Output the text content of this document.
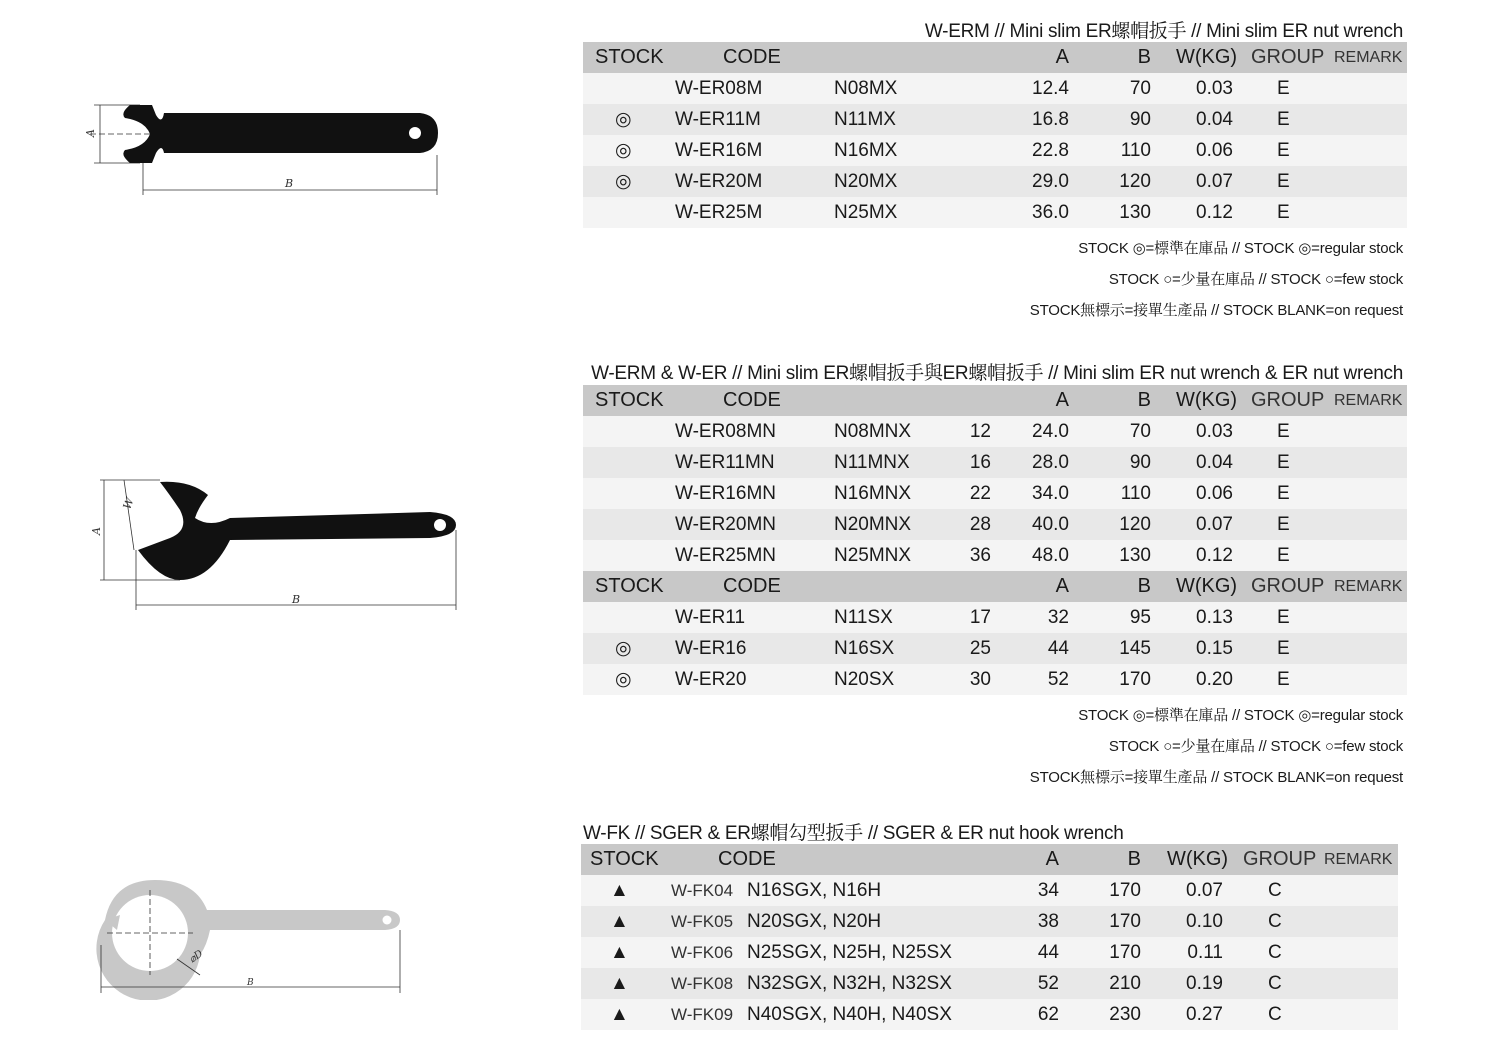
A
B
A
W
B
⌀D
B
W-ERM // Mini slim ER螺帽扳手 // Mini slim ER nut wrench
STOCK	CODE	A	B W(KG) GROUP REMARK
W-ER08M	N08MX	12.4	70 0.03 E
◎ W-ER11M	N11MX	16.8	90 0.04 E
◎ W-ER16M	N16MX	22.8	110 0.06 E
◎ W-ER20M	N20MX	29.0	120 0.07 E
W-ER25M	N25MX	36.0	130 0.12 E
STOCK ◎=標準在庫品 // STOCK ◎=regular stock
STOCK ○=少量在庫品 // STOCK ○=few stock
STOCK無標示=接單生產品 // STOCK BLANK=on request
W-ERM & W-ER // Mini slim ER螺帽扳手與ER螺帽扳手 // Mini slim ER nut wrench & ER nut wrench
STOCK	CODE	A	B W(KG) GROUP REMARK
W-ER08MN	N08MNX	12 24.0	70 0.03 E
W-ER11MN	N11MNX	16 28.0	90 0.04 E
W-ER16MN	N16MNX	22 34.0	110 0.06 E
W-ER20MN	N20MNX	28 40.0	120 0.07 E
W-ER25MN	N25MNX	36 48.0	130 0.12 E
STOCK	CODE	A	B W(KG) GROUP REMARK
W-ER11	N11SX	17	32	95 0.13 E
◎ W-ER16	N16SX	25	44	145 0.15 E
◎ W-ER20	N20SX	30	52	170 0.20 E
STOCK ◎=標準在庫品 // STOCK ◎=regular stock
STOCK ○=少量在庫品 // STOCK ○=few stock
STOCK無標示=接單生產品 // STOCK BLANK=on request
W-FK // SGER & ER螺帽勾型扳手 // SGER & ER nut hook wrench
STOCK	CODE	A	B W(KG) GROUP REMARK
▲ W-FK04 N16SGX, N16H	34	170 0.07 C
▲ W-FK05 N20SGX, N20H	38	170 0.10 C
▲ W-FK06 N25SGX, N25H, N25SX	44	170 0.11 C
▲ W-FK08 N32SGX, N32H, N32SX	52	210 0.19 C
▲ W-FK09 N40SGX, N40H, N40SX	62	230 0.27 C
